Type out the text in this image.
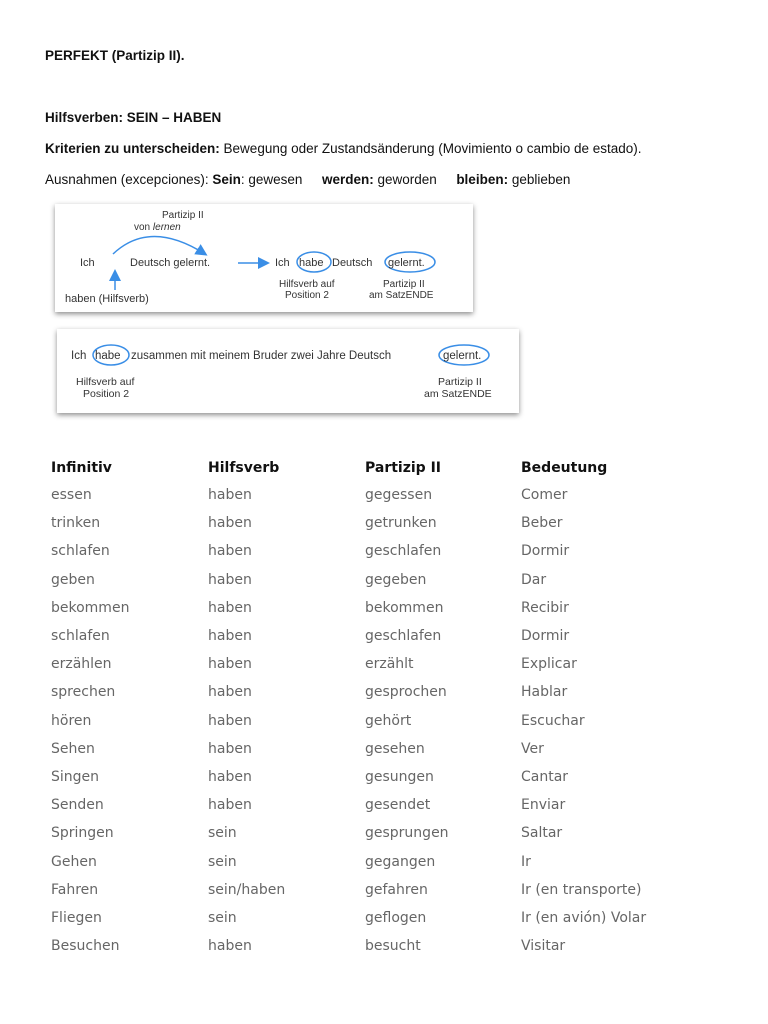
PERFEKT (Partizip II).
Hilfsverben: SEIN – HABEN
Kriterien zu unterscheiden: Bewegung oder Zustandsänderung (Movimiento o cambio de estado).
Ausnahmen (excepciones): Sein: gewesen werden: geworden bleiben: geblieben
Partizip II
von lernen
Ich	Deutsch gelernt.
haben (Hilfsverb)
Ich habe Deutsch gelernt.
Hilfsverb auf
Position 2
Partizip II
am SatzENDE
Ich habe zusammen mit meinem Bruder zwei Jahre Deutsch	gelernt.
Hilfsverb auf
Position 2
Partizip II
am SatzENDE
Infinitiv	Hilfsverb	Partizip II	Bedeutung
essen	haben	gegessen	Comer
trinken	haben	getrunken	Beber
schlafen	haben	geschlafen	Dormir
geben	haben	gegeben	Dar
bekommen	haben	bekommen	Recibir
schlafen	haben	geschlafen	Dormir
erzählen	haben	erzählt	Explicar
sprechen	haben	gesprochen	Hablar
hören	haben	gehört	Escuchar
Sehen	haben	gesehen	Ver
Singen	haben	gesungen	Cantar
Senden	haben	gesendet	Enviar
Springen	sein	gesprungen	Saltar
Gehen	sein	gegangen	Ir
Fahren	sein/haben	gefahren	Ir (en transporte)
Fliegen	sein	geflogen	Ir (en avión) Volar
Besuchen	haben	besucht	Visitar
